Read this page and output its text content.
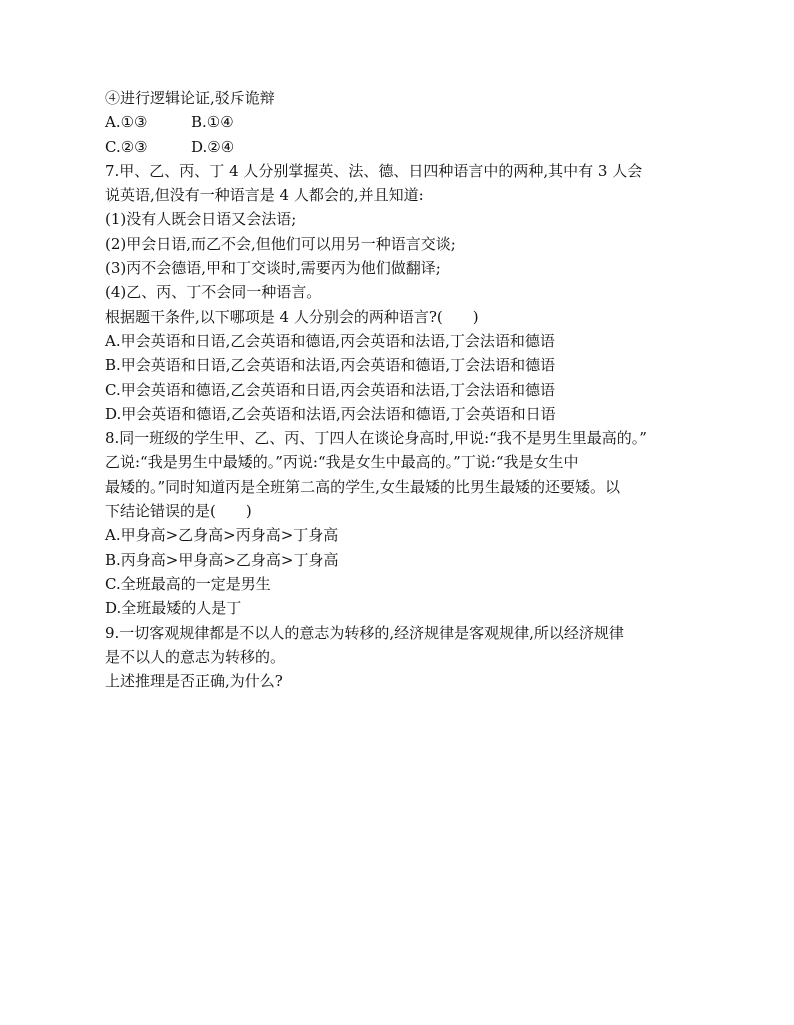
④进行逻辑论证,驳斥诡辩
A.①③	B.①④
C.②③	D.②④
7.甲、乙、丙、丁 4 人分别掌握英、法、德、日四种语言中的两种,其中有 3 人会
说英语,但没有一种语言是 4 人都会的,并且知道:
(1)没有人既会日语又会法语;
(2)甲会日语,而乙不会,但他们可以用另一种语言交谈;
(3)丙不会德语,甲和丁交谈时,需要丙为他们做翻译;
(4)乙、丙、丁不会同一种语言。
根据题干条件,以下哪项是 4 人分别会的两种语言?(　　)
A.甲会英语和日语,乙会英语和德语,丙会英语和法语,丁会法语和德语
B.甲会英语和日语,乙会英语和法语,丙会英语和德语,丁会法语和德语
C.甲会英语和德语,乙会英语和日语,丙会英语和法语,丁会法语和德语
D.甲会英语和德语,乙会英语和法语,丙会法语和德语,丁会英语和日语
8.同一班级的学生甲、乙、丙、丁四人在谈论身高时,甲说:“我不是男生里最高的。”
乙说:“我是男生中最矮的。”丙说:“我是女生中最高的。”丁说:“我是女生中
最矮的。”同时知道丙是全班第二高的学生,女生最矮的比男生最矮的还要矮。以
下结论错误的是(　　)
A.甲身高>乙身高>丙身高>丁身高
B.丙身高>甲身高>乙身高>丁身高
C.全班最高的一定是男生
D.全班最矮的人是丁
9.一切客观规律都是不以人的意志为转移的,经济规律是客观规律,所以经济规律
是不以人的意志为转移的。
上述推理是否正确,为什么?
